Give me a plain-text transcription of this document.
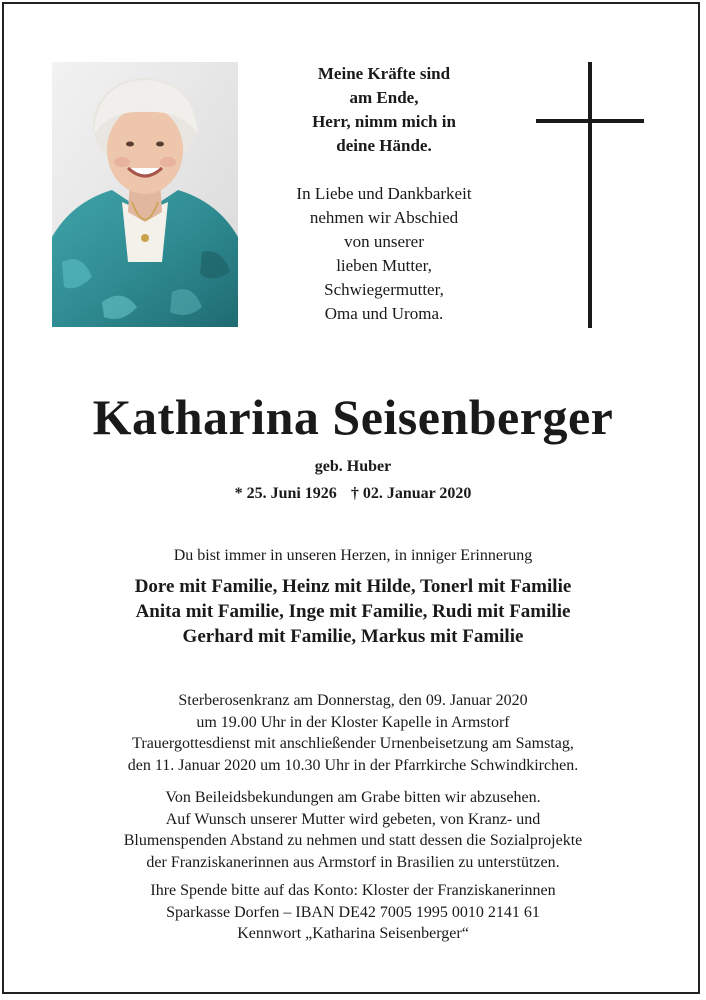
Meine Kräfte sind
am Ende,
Herr, nimm mich in
deine Hände.
In Liebe und Dankbarkeit
nehmen wir Abschied
von unserer
lieben Mutter,
Schwiegermutter,
Oma und Uroma.
Katharina Seisenberger
geb. Huber
* 25. Juni 1926 † 02. Januar 2020
Du bist immer in unseren Herzen, in inniger Erinnerung
Dore mit Familie, Heinz mit Hilde, Tonerl mit Familie
Anita mit Familie, Inge mit Familie, Rudi mit Familie
Gerhard mit Familie, Markus mit Familie
Sterberosenkranz am Donnerstag, den 09. Januar 2020
um 19.00 Uhr in der Kloster Kapelle in Armstorf
Trauergottesdienst mit anschließender Urnenbeisetzung am Samstag,
den 11. Januar 2020 um 10.30 Uhr in der Pfarrkirche Schwindkirchen.
Von Beileidsbekundungen am Grabe bitten wir abzusehen.
Auf Wunsch unserer Mutter wird gebeten, von Kranz- und
Blumenspenden Abstand zu nehmen und statt dessen die Sozialprojekte
der Franziskanerinnen aus Armstorf in Brasilien zu unterstützen.
Ihre Spende bitte auf das Konto: Kloster der Franziskanerinnen
Sparkasse Dorfen – IBAN DE42 7005 1995 0010 2141 61
Kennwort „Katharina Seisenberger“
